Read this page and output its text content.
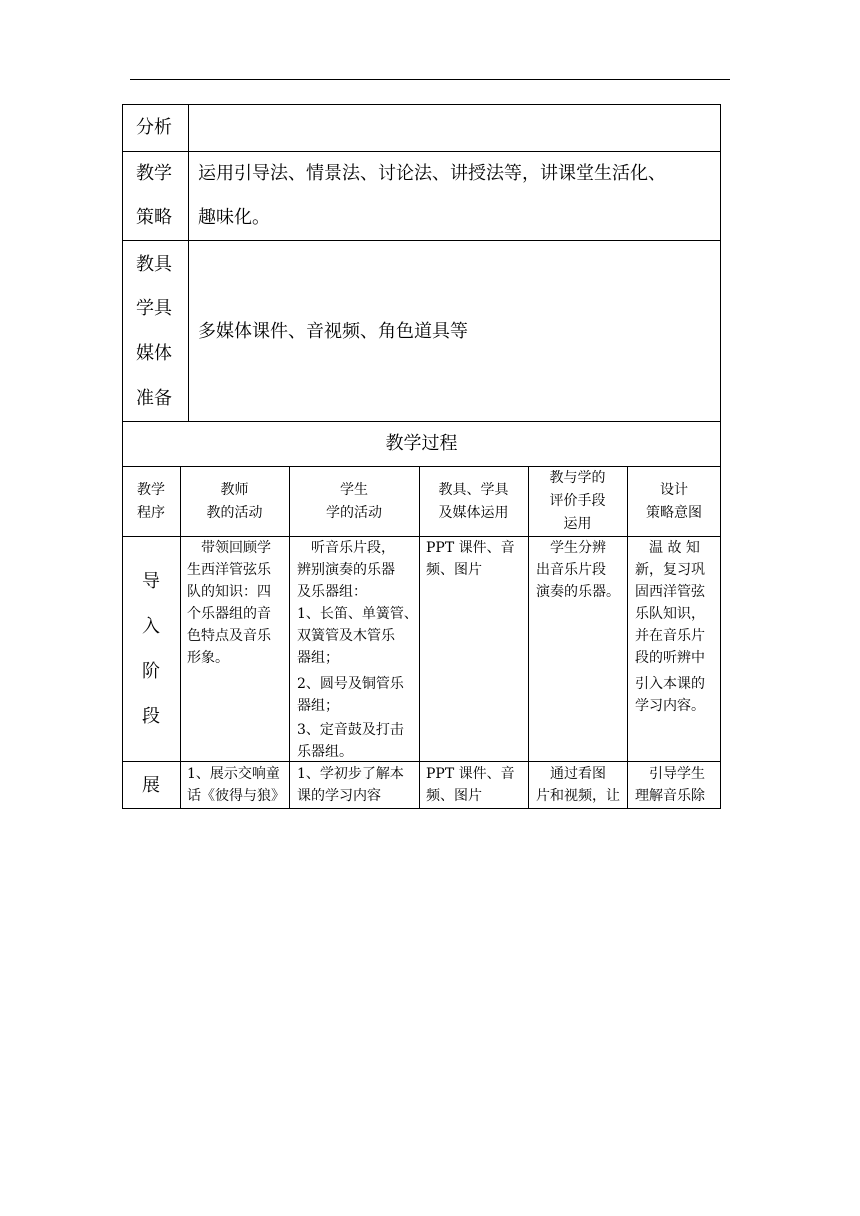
分析
教学
策略
运用引导法、情景法、讨论法、讲授法等，讲课堂生活化、
趣味化。
教具
学具
媒体
准备
多媒体课件、音视频、角色道具等
教学过程
教学
程序
教师
教的活动
学生
学的活动
教具、学具
及媒体运用
教与学的
评价手段
运用
设计
策略意图
导
入
阶
段
　带领回顾学
生西洋管弦乐
队的知识：四
个乐器组的音
色特点及音乐
形象。
　听音乐片段，
辨别演奏的乐器
及乐器组：
1、长笛、单簧管、
双簧管及木管乐
器组；
2、圆号及铜管乐
器组；
3、定音鼓及打击
乐器组。
PPT 课件、音
频、图片
　学生分辨
出音乐片段
演奏的乐器。
　温 故 知
新，复习巩
固西洋管弦
乐队知识，
并在音乐片
段的听辨中
引入本课的
学习内容。
展
1、展示交响童
话《彼得与狼》
1、学初步了解本
课的学习内容
PPT 课件、音
频、图片
　通过看图
片和视频，让
　引导学生
理解音乐除
